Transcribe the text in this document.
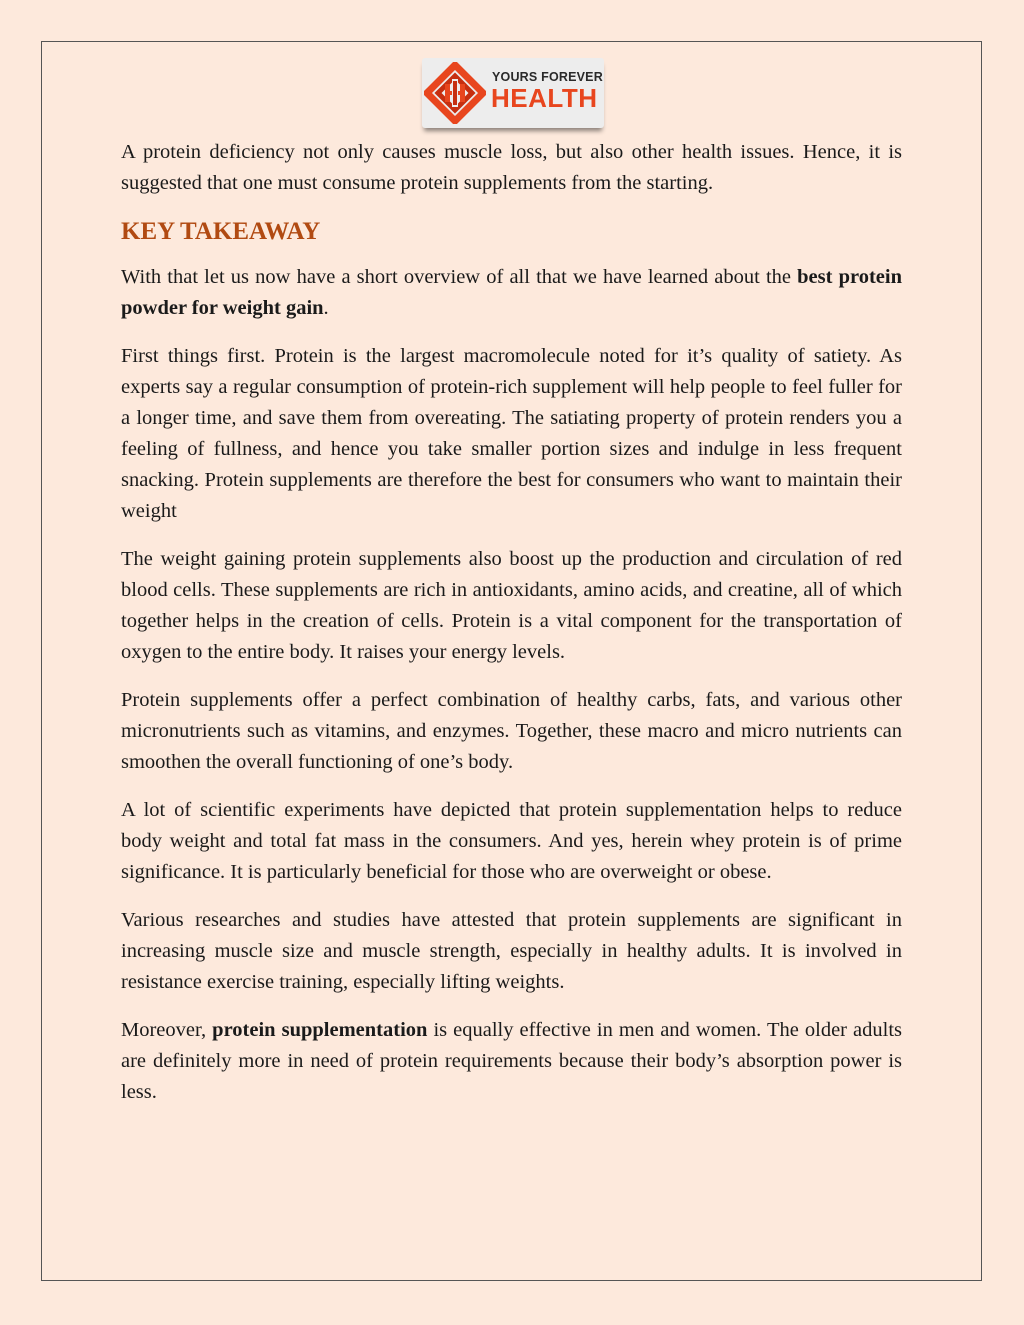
YOURS FOREVER
HEALTH

A protein deficiency not only causes muscle loss, but also other health issues. Hence, it is suggested that one must consume protein supplements from the starting.

KEY TAKEAWAY

With that let us now have a short overview of all that we have learned about the best protein powder for weight gain.

First things first. Protein is the largest macromolecule noted for it’s quality of satiety. As experts say a regular consumption of protein-rich supplement will help people to feel fuller for a longer time, and save them from overeating. The satiating property of protein renders you a feeling of fullness, and hence you take smaller portion sizes and indulge in less frequent snacking. Protein supplements are therefore the best for consumers who want to maintain their weight

The weight gaining protein supplements also boost up the production and circulation of red blood cells. These supplements are rich in antioxidants, amino acids, and creatine, all of which together helps in the creation of cells. Protein is a vital component for the transportation of oxygen to the entire body. It raises your energy levels.

Protein supplements offer a perfect combination of healthy carbs, fats, and various other micronutrients such as vitamins, and enzymes. Together, these macro and micro nutrients can smoothen the overall functioning of one’s body.

A lot of scientific experiments have depicted that protein supplementation helps to reduce body weight and total fat mass in the consumers. And yes, herein whey protein is of prime significance. It is particularly beneficial for those who are overweight or obese.

Various researches and studies have attested that protein supplements are significant in increasing muscle size and muscle strength, especially in healthy adults. It is involved in resistance exercise training, especially lifting weights.

Moreover, protein supplementation is equally effective in men and women. The older adults are definitely more in need of protein requirements because their body’s absorption power is less.
